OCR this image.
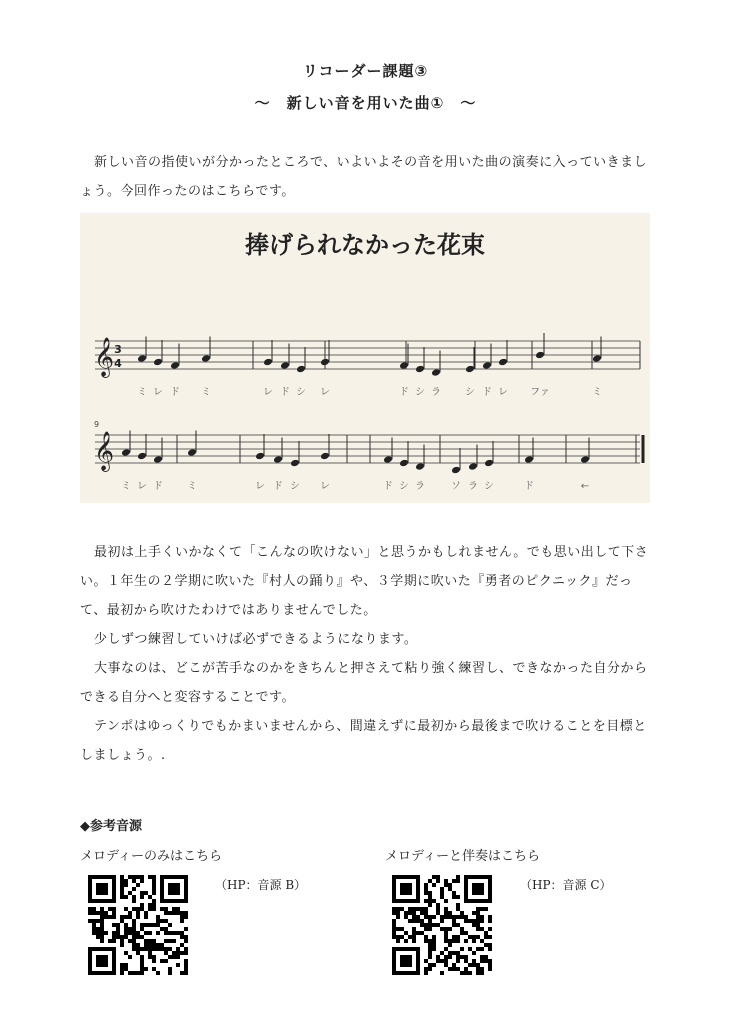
リコーダー課題③
～　新しい音を用いた曲①　～

新しい音の指使いが分かったところで、いよいよその音を用いた曲の演奏に入っていきましょう。今回作ったのはこちらです。

捧げられなかった花束
𝄞
ミ レ ド ミ	レ ド シ レ	ド シ ラ シ ド レ ファ	ミ
𝄞
ミ レ ド ミ	レ ド シ レ	ド シ ラ	ソ ラ シ	ド	←
3
4
9

最初は上手くいかなくて「こんなの吹けない」と思うかもしれません。でも思い出して下さい。１年生の２学期に吹いた『村人の踊り』や、３学期に吹いた『勇者のピクニック』だって、最初から吹けたわけではありませんでした。

少しずつ練習していけば必ずできるようになります。

大事なのは、どこが苦手なのかをきちんと押さえて粘り強く練習し、できなかった自分からできる自分へと変容することです。

テンポはゆっくりでもかまいませんから、間違えずに最初から最後まで吹けることを目標としましょう。.

◆参考音源
メロディーのみはこちら	メロディーと伴奏はこちら
（HP：音源 B）	（HP：音源 C）
